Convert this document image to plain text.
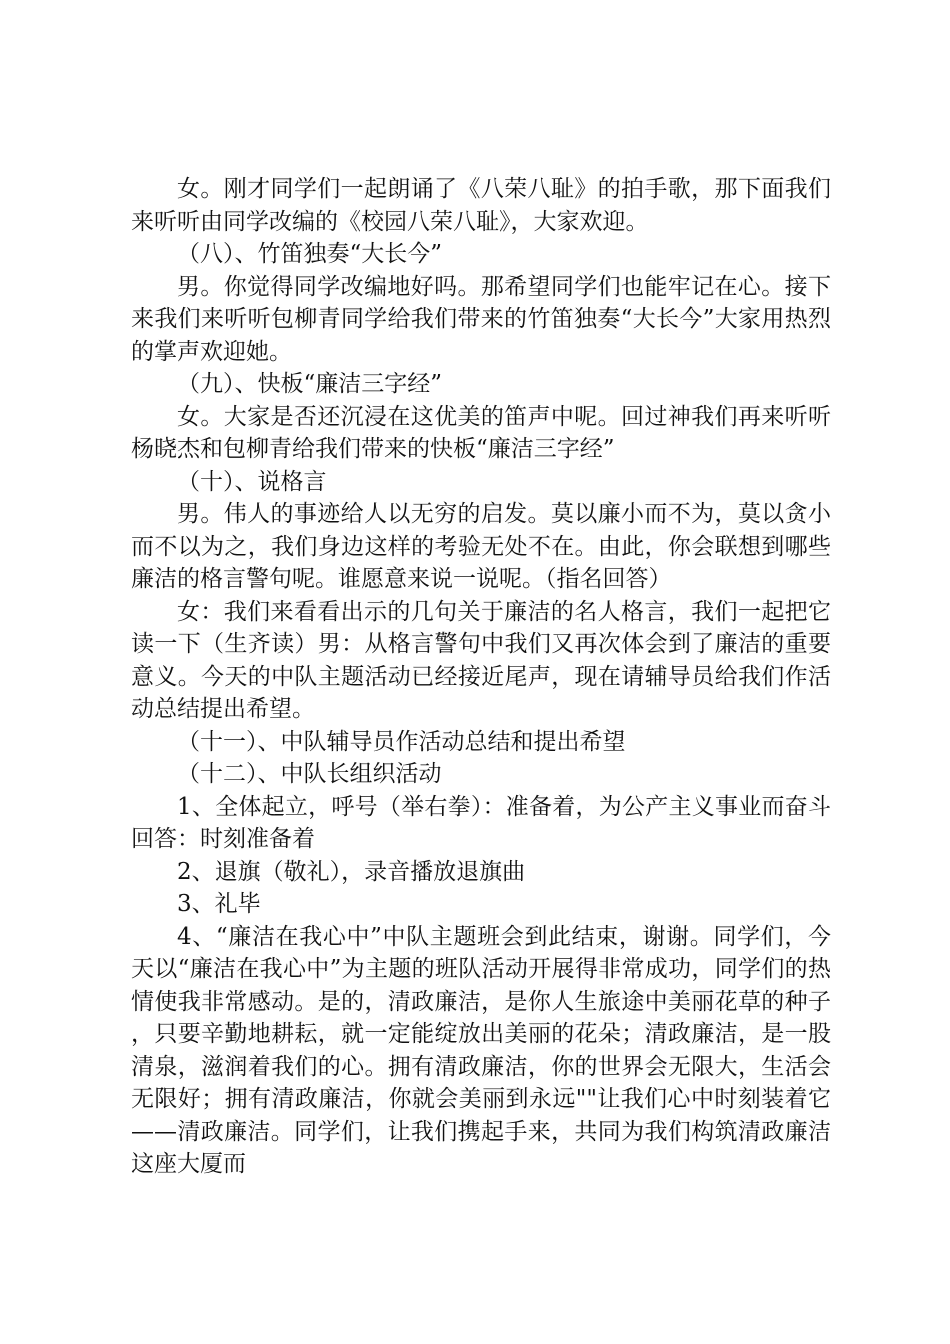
女。刚才同学们一起朗诵了《八荣八耻》的拍手歌，那下面我们来听听由同学改编的《校园八荣八耻》，大家欢迎。

（八）、竹笛独奏“大长今”

男。你觉得同学改编地好吗。那希望同学们也能牢记在心。接下来我们来听听包柳青同学给我们带来的竹笛独奏“大长今”大家用热烈的掌声欢迎她。

（九）、快板“廉洁三字经”

女。大家是否还沉浸在这优美的笛声中呢。回过神我们再来听听杨晓杰和包柳青给我们带来的快板“廉洁三字经”

（十）、说格言

男。伟人的事迹给人以无穷的启发。莫以廉小而不为，莫以贪小而不以为之，我们身边这样的考验无处不在。由此，你会联想到哪些廉洁的格言警句呢。谁愿意来说一说呢。（指名回答）

女：我们来看看出示的几句关于廉洁的名人格言，我们一起把它读一下（生齐读）男：从格言警句中我们又再次体会到了廉洁的重要意义。今天的中队主题活动已经接近尾声，现在请辅导员给我们作活动总结提出希望。

（十一）、中队辅导员作活动总结和提出希望

（十二）、中队长组织活动

1、全体起立，呼号（举右拳）：准备着，为公产主义事业而奋斗回答：时刻准备着

2、退旗（敬礼），录音播放退旗曲

3、礼毕

4、“廉洁在我心中”中队主题班会到此结束，谢谢。同学们，今天以“廉洁在我心中”为主题的班队活动开展得非常成功，同学们的热情使我非常感动。是的，清政廉洁，是你人生旅途中美丽花草的种子，只要辛勤地耕耘，就一定能绽放出美丽的花朵；清政廉洁，是一股清泉，滋润着我们的心。拥有清政廉洁，你的世界会无限大，生活会无限好；拥有清政廉洁，你就会美丽到永远""让我们心中时刻装着它——清政廉洁。同学们，让我们携起手来，共同为我们构筑清政廉洁这座大厦而
